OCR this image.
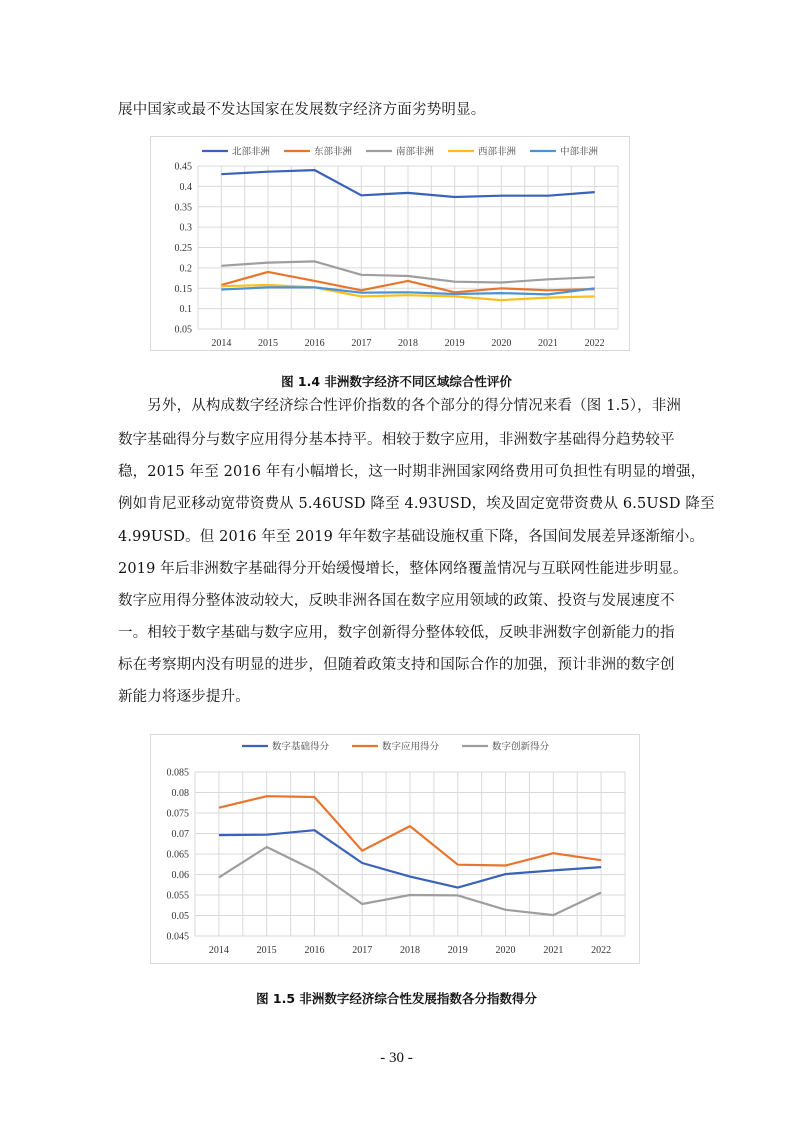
展中国家或最不发达国家在发展数字经济方面劣势明显。
0.05
0.1
0.15
0.2
0.25
0.3
0.35
0.4
0.45
2014	2015	2016	2017	2018	2019	2020	2021	2022
北部非洲	东部非洲	南部非洲	西部非洲	中部非洲
图 1.4 非洲数字经济不同区域综合性评价
　　另外，从构成数字经济综合性评价指数的各个部分的得分情况来看（图 1.5），非洲
数字基础得分与数字应用得分基本持平。相较于数字应用，非洲数字基础得分趋势较平
稳，2015 年至 2016 年有小幅增长，这一时期非洲国家网络费用可负担性有明显的增强，
例如肯尼亚移动宽带资费从 5.46USD 降至 4.93USD，埃及固定宽带资费从 6.5USD 降至
4.99USD。但 2016 年至 2019 年年数字基础设施权重下降，各国间发展差异逐渐缩小。
2019 年后非洲数字基础得分开始缓慢增长，整体网络覆盖情况与互联网性能进步明显。
数字应用得分整体波动较大，反映非洲各国在数字应用领域的政策、投资与发展速度不
一。相较于数字基础与数字应用，数字创新得分整体较低，反映非洲数字创新能力的指
标在考察期内没有明显的进步，但随着政策支持和国际合作的加强，预计非洲的数字创
新能力将逐步提升。
0.045
0.05
0.055
0.06
0.065
0.07
0.075
0.08
0.085
2014	2015	2016	2017	2018	2019	2020	2021	2022
数字基础得分	数字应用得分	数字创新得分
图 1.5 非洲数字经济综合性发展指数各分指数得分
- 30 -
